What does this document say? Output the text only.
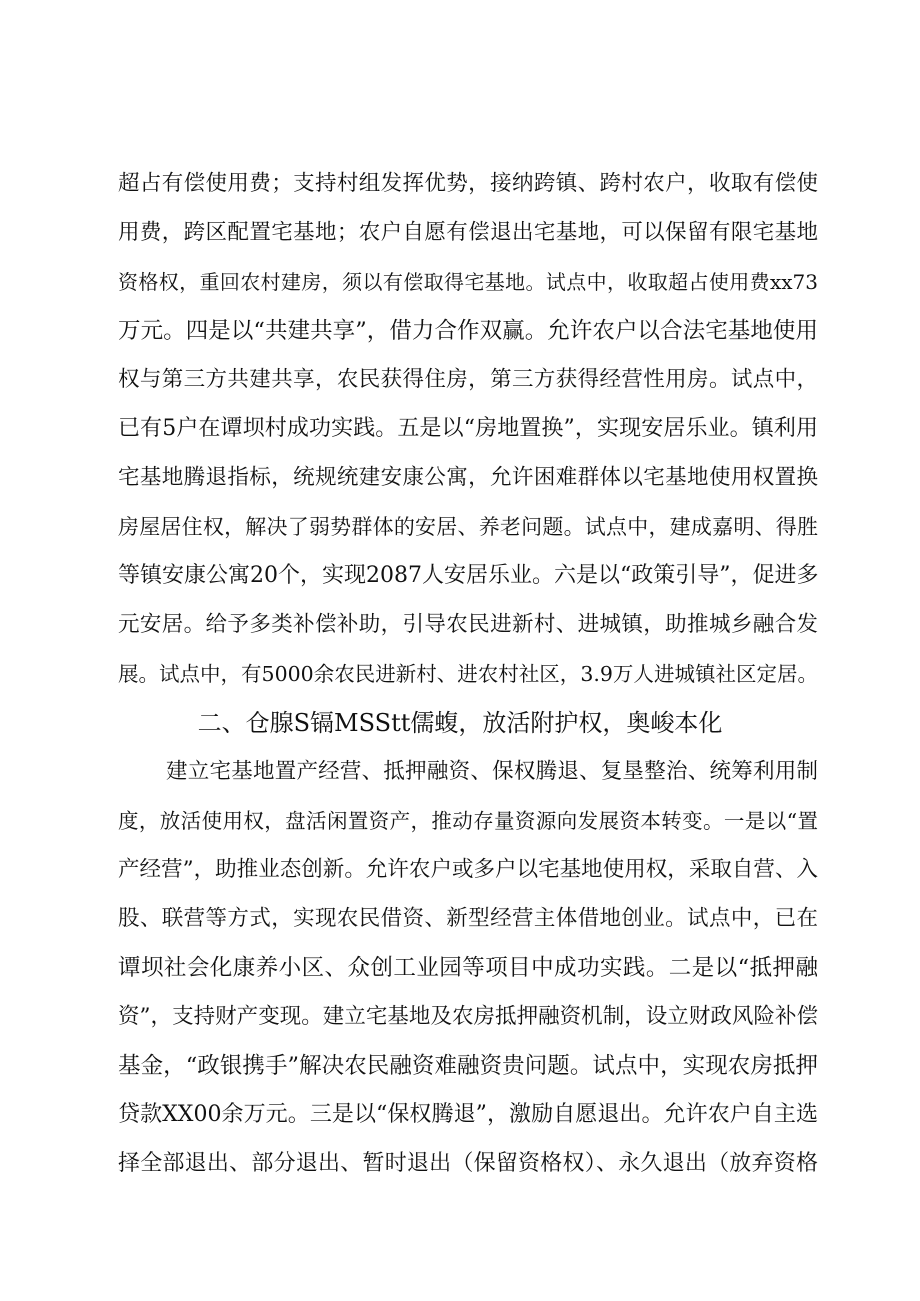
超占有偿使用费；支持村组发挥优势，接纳跨镇、跨村农户，收取有偿使
用费，跨区配置宅基地；农户自愿有偿退出宅基地，可以保留有限宅基地
资格权，重回农村建房，须以有偿取得宅基地。试点中，收取超占使用费xx73
万元。四是以“共建共享”，借力合作双赢。允许农户以合法宅基地使用
权与第三方共建共享，农民获得住房，第三方获得经营性用房。试点中，
已有5户在谭坝村成功实践。五是以“房地置换”，实现安居乐业。镇利用
宅基地腾退指标，统规统建安康公寓，允许困难群体以宅基地使用权置换
房屋居住权，解决了弱势群体的安居、养老问题。试点中，建成嘉明、得胜
等镇安康公寓20个，实现2087人安居乐业。六是以“政策引导”，促进多
元安居。给予多类补偿补助，引导农民进新村、进城镇，助推城乡融合发
展。试点中，有5000余农民进新村、进农村社区，3.9万人进城镇社区定居。
二、仓腺S镉MSStt儒蝮，放活附护权，奥峻本化
建立宅基地置产经营、抵押融资、保权腾退、复垦整治、统筹利用制
度，放活使用权，盘活闲置资产，推动存量资源向发展资本转变。一是以“置
产经营”，助推业态创新。允许农户或多户以宅基地使用权，采取自营、入
股、联营等方式，实现农民借资、新型经营主体借地创业。试点中，已在
谭坝社会化康养小区、众创工业园等项目中成功实践。二是以“抵押融
资”，支持财产变现。建立宅基地及农房抵押融资机制，设立财政风险补偿
基金，“政银携手”解决农民融资难融资贵问题。试点中，实现农房抵押
贷款XX00余万元。三是以“保权腾退”，激励自愿退出。允许农户自主选
择全部退出、部分退出、暂时退出（保留资格权）、永久退出（放弃资格
